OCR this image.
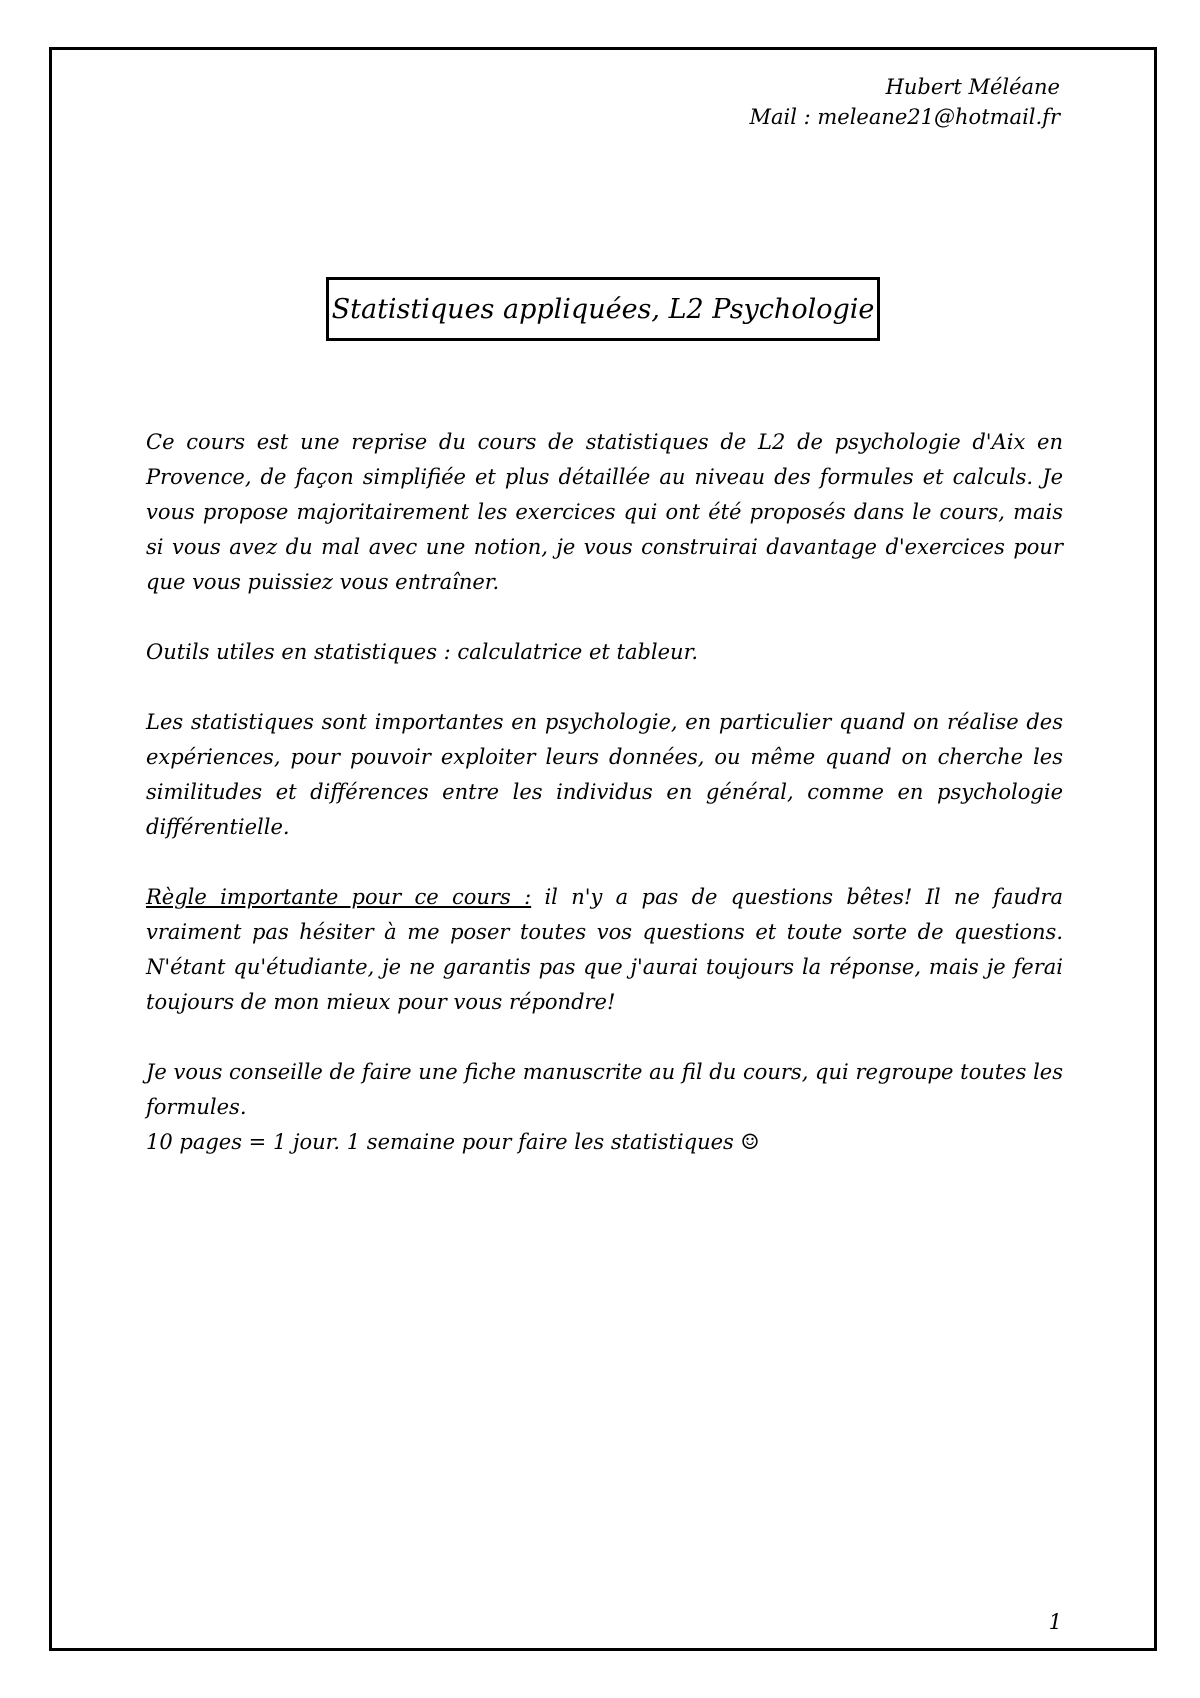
Hubert Méléane
Mail : meleane21@hotmail.fr
Statistiques appliquées, L2 Psychologie

Ce cours est une reprise du cours de statistiques de L2 de psychologie d'Aix en Provence, de façon simplifiée et plus détaillée au niveau des formules et calculs. Je vous propose majoritairement les exercices qui ont été proposés dans le cours, mais si vous avez du mal avec une notion, je vous construirai davantage d'exercices pour que vous puissiez vous entraîner.

Outils utiles en statistiques : calculatrice et tableur.

Les statistiques sont importantes en psychologie, en particulier quand on réalise des expériences, pour pouvoir exploiter leurs données, ou même quand on cherche les similitudes et différences entre les individus en général, comme en psychologie différentielle.

Règle importante pour ce cours : il n'y a pas de questions bêtes! Il ne faudra vraiment pas hésiter à me poser toutes vos questions et toute sorte de questions. N'étant qu'étudiante, je ne garantis pas que j'aurai toujours la réponse, mais je ferai toujours de mon mieux pour vous répondre!

Je vous conseille de faire une fiche manuscrite au fil du cours, qui regroupe toutes les formules.

10 pages = 1 jour. 1 semaine pour faire les statistiques ☺

1
